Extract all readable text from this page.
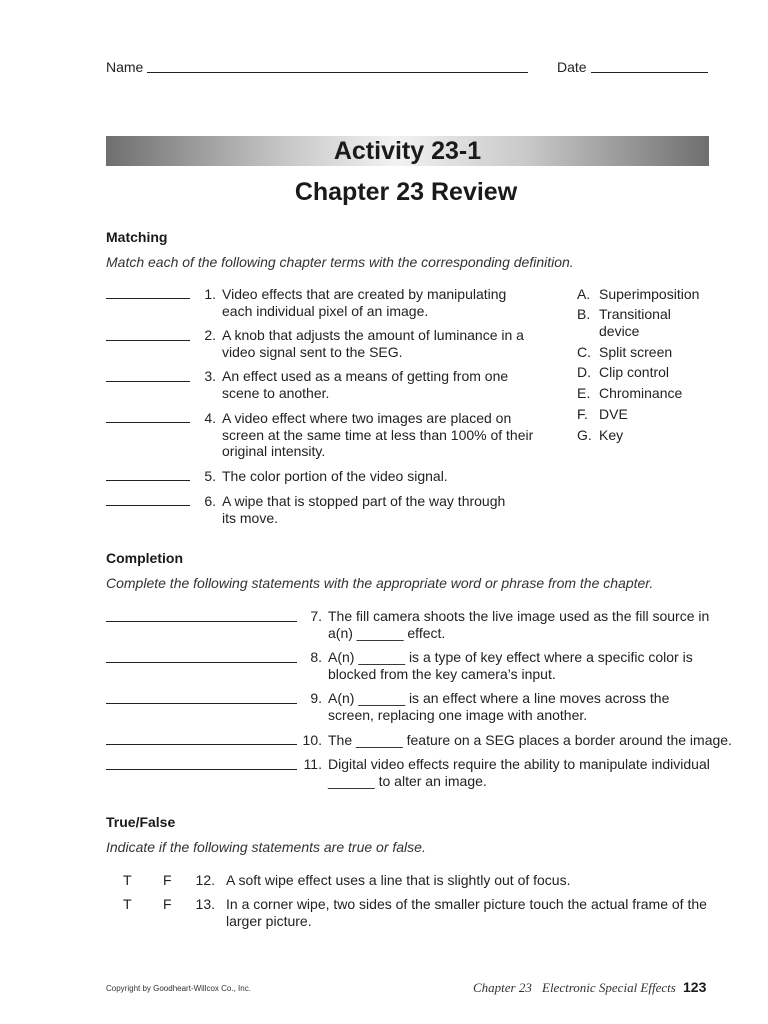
Name	Date
Activity 23-1
Chapter 23 Review
Matching
Match each of the following chapter terms with the corresponding definition.
1. Video effects that are created by manipulating
each individual pixel of an image.
2. A knob that adjusts the amount of luminance in a
video signal sent to the SEG.
3. An effect used as a means of getting from one
scene to another.
4. A video effect where two images are placed on
screen at the same time at less than 100% of their
original intensity.
5. The color portion of the video signal.
6. A wipe that is stopped part of the way through
its move.
A. Superimposition
B. Transitional
device
C. Split screen
D. Clip control
E. Chrominance
F. DVE
G. Key
Completion
Complete the following statements with the appropriate word or phrase from the chapter.
7. The fill camera shoots the live image used as the fill source in
a(n) ______ effect.
8. A(n) ______ is a type of key effect where a specific color is
blocked from the key camera’s input.
9. A(n) ______ is an effect where a line moves across the
screen, replacing one image with another.
10. The ______ feature on a SEG places a border around the image.
11. Digital video effects require the ability to manipulate individual
______ to alter an image.
True/False
Indicate if the following statements are true or false.
T F	12. A soft wipe effect uses a line that is slightly out of focus.
T F	13. In a corner wipe, two sides of the smaller picture touch the actual frame of the
larger picture.
Copyright by Goodheart-Willcox Co., Inc.	Chapter 23 Electronic Special Effects 123
